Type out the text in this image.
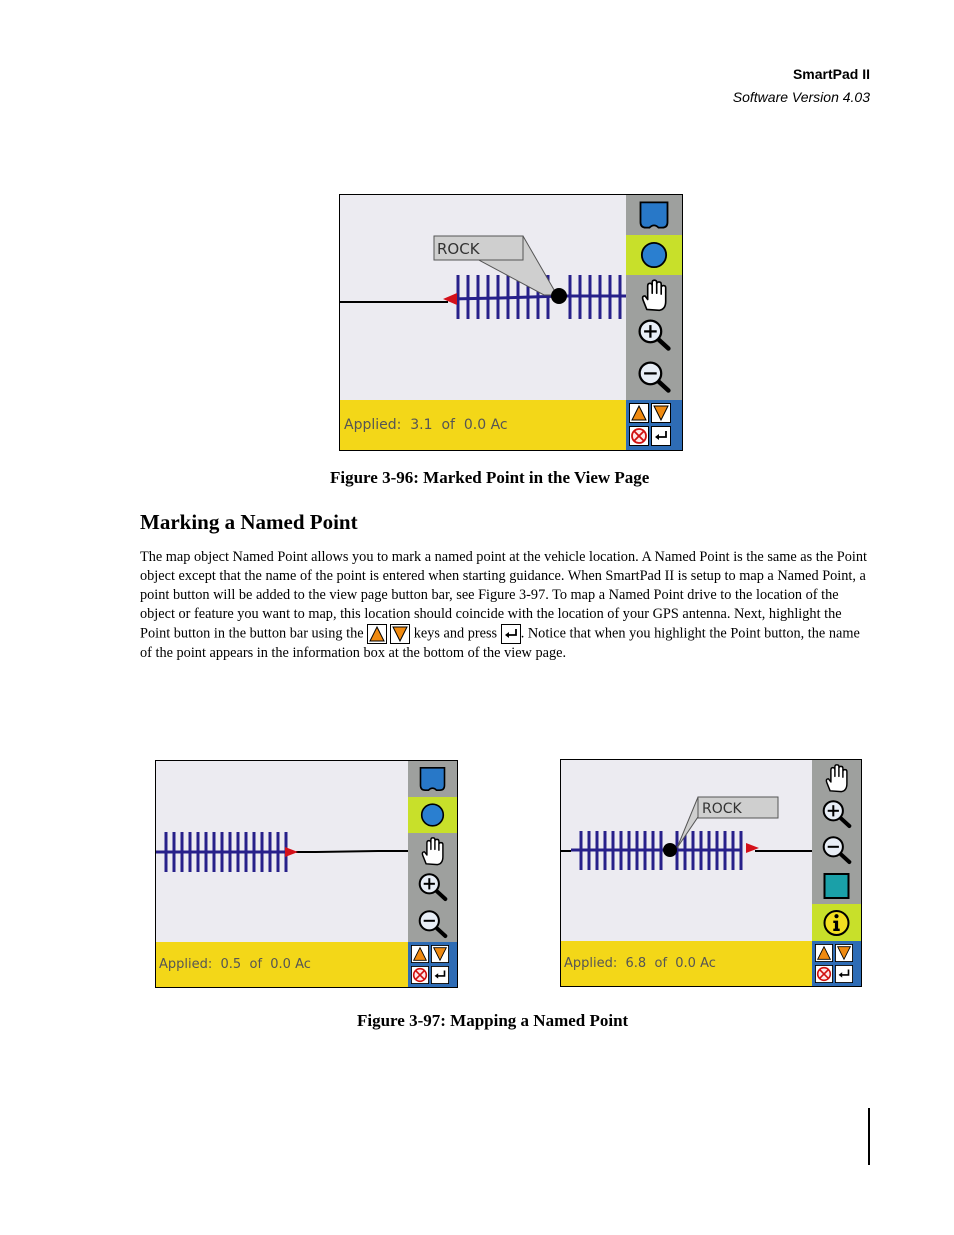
SmartPad II
Software Version 4.03
ROCK
Applied: 3.1 of 0.0 Ac
Figure 3-96: Marked Point in the View Page
Marking a Named Point
The map object Named Point allows you to mark a named point at the vehicle location. A Named Point is the same as the Point object except that the name of the point is entered when starting guidance. When SmartPad II is setup to map a Named Point, a point button will be added to the view page button bar, see Figure 3-97. To map a Named Point drive to the location of the object or feature you want to map, this location should coincide with the location of your GPS antenna. Next, highlight the Point button in the button bar using the	keys and press . Notice that when you highlight the Point button, the name of the point appears in the information box at the bottom of the view page.
Applied: 0.5 of 0.0 Ac
ROCK
Applied: 6.8 of 0.0 Ac
Figure 3-97: Mapping a Named Point
